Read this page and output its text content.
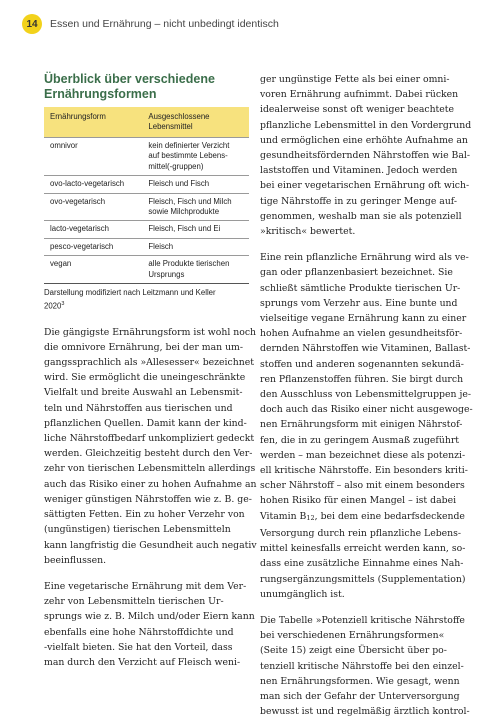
14	Essen und Ernährung – nicht unbedingt identisch
Überblick über verschiedene
Ernährungsformen
Ernährungsform	Ausgeschlossene
Lebensmittel

omnivor	kein definierter Verzicht
auf bestimmte Lebens-
mittel(-gruppen)

ovo-lacto-vegetarisch	Fleisch und Fisch

ovo-vegetarisch	Fleisch, Fisch und Milch
sowie Milchprodukte

lacto-vegetarisch	Fleisch, Fisch und Ei

pesco-vegetarisch	Fleisch

vegan	alle Produkte tierischen
Ursprungs
Darstellung modifiziert nach Leitzmann und Keller
2020$^3$

Die gängigste Ernährungsform ist wohl noch
die omnivore Ernährung, bei der man um-
gangssprachlich als »Allesesser« bezeichnet
wird. Sie ermöglicht die uneingeschränkte
Vielfalt und breite Auswahl an Lebensmit-
teln und Nährstoffen aus tierischen und
pflanzlichen Quellen. Damit kann der kind-
liche Nährstoffbedarf unkompliziert gedeckt
werden. Gleichzeitig besteht durch den Ver-
zehr von tierischen Lebensmitteln allerdings
auch das Risiko einer zu hohen Aufnahme an
weniger günstigen Nährstoffen wie z. B. ge-
sättigten Fetten. Ein zu hoher Verzehr von
(ungünstigen) tierischen Lebensmitteln
kann langfristig die Gesundheit auch negativ
beeinflussen.

Eine vegetarische Ernährung mit dem Ver-
zehr von Lebensmitteln tierischen Ur-
sprungs wie z. B. Milch und/oder Eiern kann
ebenfalls eine hohe Nährstoffdichte und
-vielfalt bieten. Sie hat den Vorteil, dass
man durch den Verzicht auf Fleisch weni-

ger ungünstige Fette als bei einer omni-
voren Ernährung aufnimmt. Dabei rücken
idealerweise sonst oft weniger beachtete
pflanzliche Lebensmittel in den Vordergrund
und ermöglichen eine erhöhte Aufnahme an
gesundheitsfördernden Nährstoffen wie Bal-
laststoffen und Vitaminen. Jedoch werden
bei einer vegetarischen Ernährung oft wich-
tige Nährstoffe in zu geringer Menge auf-
genommen, weshalb man sie als potenziell
»kritisch« bewertet.

Eine rein pflanzliche Ernährung wird als ve-
gan oder pflanzenbasiert bezeichnet. Sie
schließt sämtliche Produkte tierischen Ur-
sprungs vom Verzehr aus. Eine bunte und
vielseitige vegane Ernährung kann zu einer
hohen Aufnahme an vielen gesundheitsför-
dernden Nährstoffen wie Vitaminen, Ballast-
stoffen und anderen sogenannten sekundä-
ren Pflanzenstoffen führen. Sie birgt durch
den Ausschluss von Lebensmittelgruppen je-
doch auch das Risiko einer nicht ausgewoge-
nen Ernährungsform mit einigen Nährstof-
fen, die in zu geringem Ausmaß zugeführt
werden – man bezeichnet diese als potenzi-
ell kritische Nährstoffe. Ein besonders kriti-
scher Nährstoff – also mit einem besonders
hohen Risiko für einen Mangel – ist dabei
Vitamin B12, bei dem eine bedarfsdeckende
Versorgung durch rein pflanzliche Lebens-
mittel keinesfalls erreicht werden kann, so-
dass eine zusätzliche Einnahme eines Nah-
rungsergänzungsmittels (Supplementation)
unumgänglich ist.

Die Tabelle »Potenziell kritische Nährstoffe
bei verschiedenen Ernährungsformen«
(Seite 15) zeigt eine Übersicht über po-
tenziell kritische Nährstoffe bei den einzel-
nen Ernährungsformen. Wie gesagt, wenn
man sich der Gefahr der Unterversorgung
bewusst ist und regelmäßig ärztlich kontrol-
